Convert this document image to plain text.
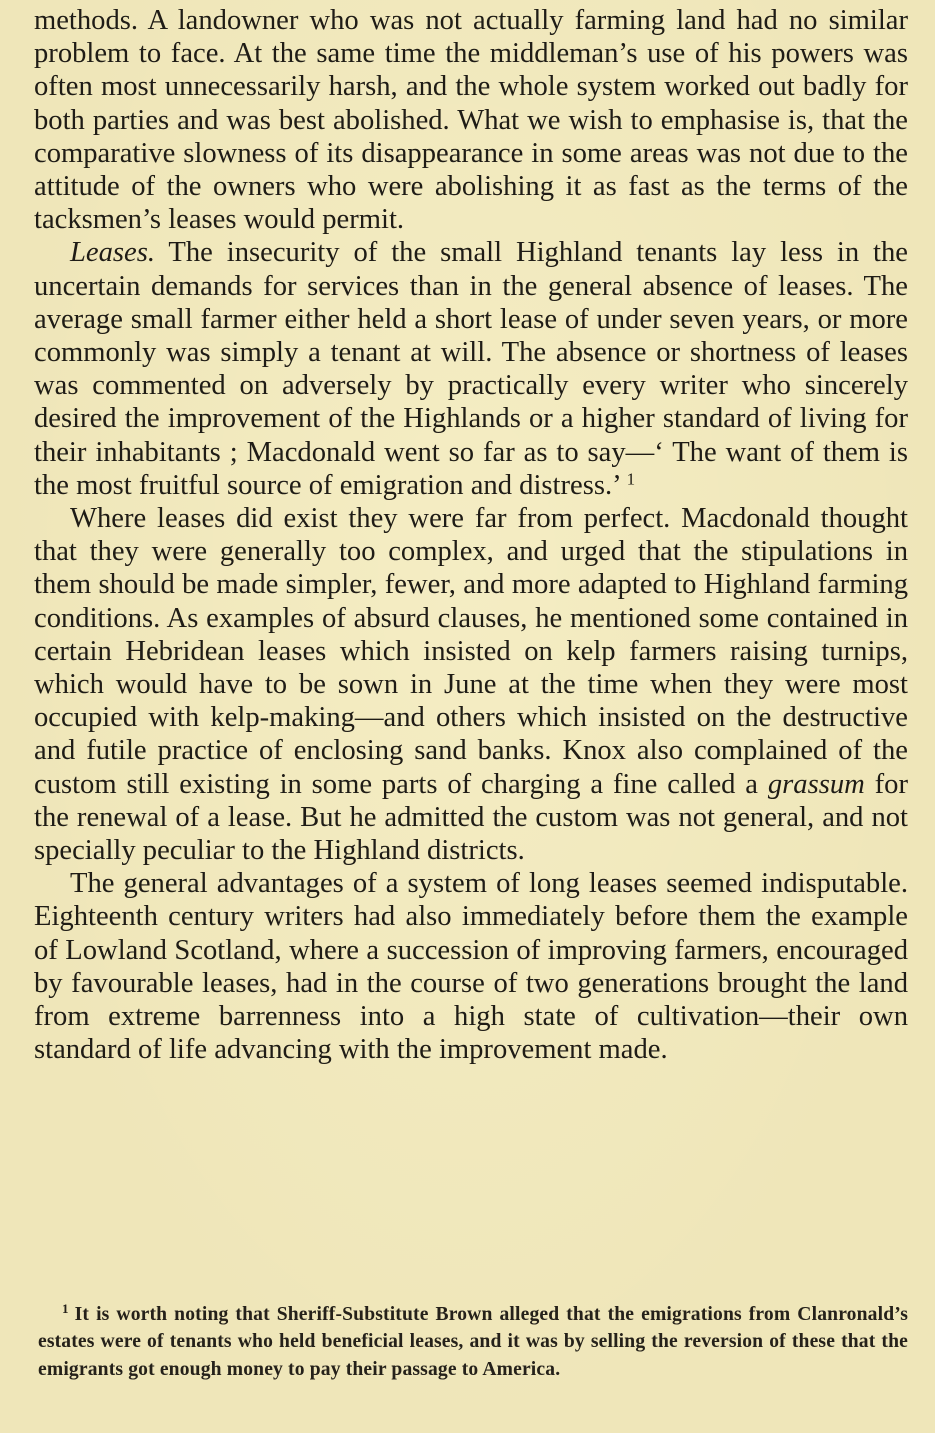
methods. A landowner who was not actually farming land had no similar problem to face. At the same time the middleman’s use of his powers was often most unnecessarily harsh, and the whole system worked out badly for both parties and was best abolished. What we wish to emphasise is, that the comparative slowness of its disappearance in some areas was not due to the attitude of the owners who were abolishing it as fast as the terms of the tacksmen’s leases would permit.

Leases. The insecurity of the small Highland tenants lay less in the uncertain demands for services than in the general absence of leases. The average small farmer either held a short lease of under seven years, or more commonly was simply a tenant at will. The absence or shortness of leases was commented on adversely by practically every writer who sincerely desired the improvement of the Highlands or a higher standard of living for their inhabitants ; Macdonald went so far as to say—‘ The want of them is the most fruitful source of emigration and distress.’ $^1$

Where leases did exist they were far from perfect. Macdonald thought that they were generally too complex, and urged that the stipulations in them should be made simpler, fewer, and more adapted to Highland farming conditions. As examples of absurd clauses, he mentioned some contained in certain Hebridean leases which insisted on kelp farmers raising turnips, which would have to be sown in June at the time when they were most occupied with kelp-making—and others which insisted on the destructive and futile practice of enclosing sand banks. Knox also complained of the custom still existing in some parts of charging a fine called a grassum for the renewal of a lease. But he admitted the custom was not general, and not specially peculiar to the Highland districts.

The general advantages of a system of long leases seemed indisputable. Eighteenth century writers had also immediately before them the example of Lowland Scotland, where a succession of improving farmers, encouraged by favourable leases, had in the course of two generations brought the land from extreme barrenness into a high state of cultivation—their own standard of life advancing with the improvement made.

$^1$ It is worth noting that Sheriff-Substitute Brown alleged that the emigrations from Clanronald’s estates were of tenants who held beneficial leases, and it was by selling the reversion of these that the emigrants got enough money to pay their passage to America.
